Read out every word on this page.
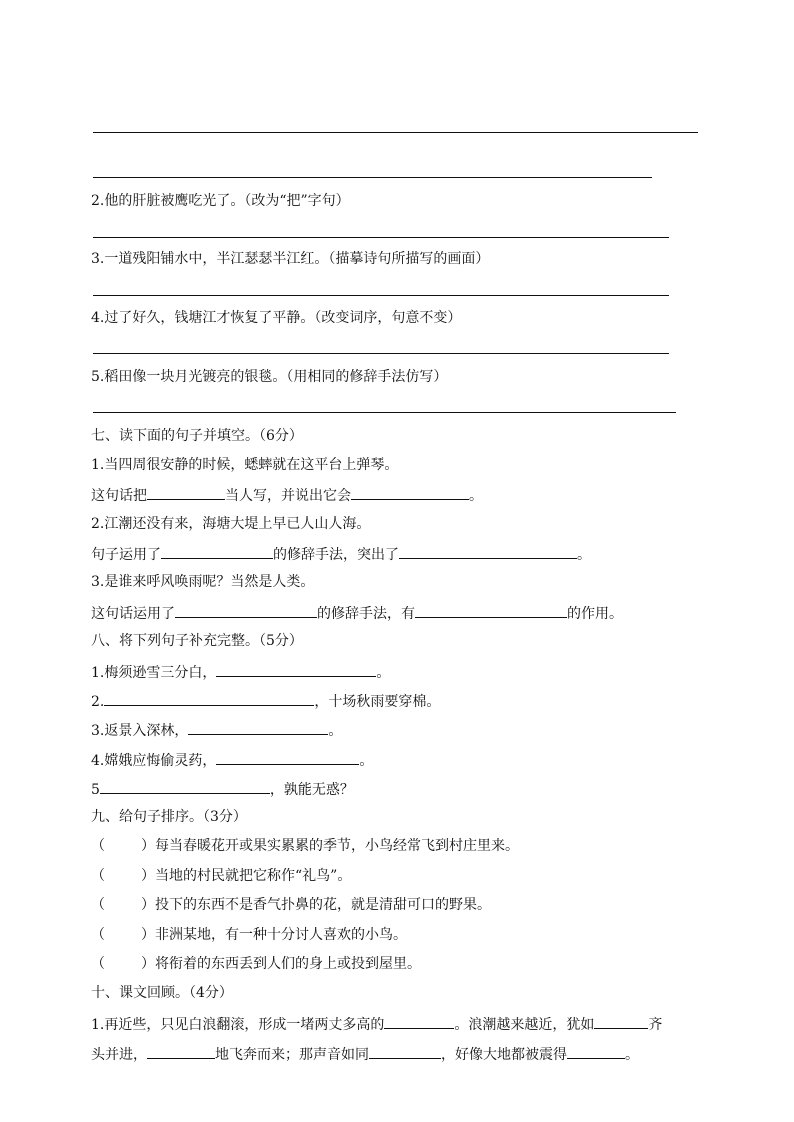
2.他的肝脏被鹰吃光了。（改为“把”字句）
3.一道残阳铺水中，半江瑟瑟半江红。（描摹诗句所描写的画面）
4.过了好久，钱塘江才恢复了平静。（改变词序，句意不变）
5.稻田像一块月光镀亮的银毯。（用相同的修辞手法仿写）
七、读下面的句子并填空。（6分）
1.当四周很安静的时候，蟋蟀就在这平台上弹琴。
这句话把	当人写，并说出它会	。
2.江潮还没有来，海塘大堤上早已人山人海。
句子运用了	的修辞手法，突出了	。
3.是谁来呼风唤雨呢？当然是人类。
这句话运用了	的修辞手法，有	的作用。
八、将下列句子补充完整。（5分）
1.梅须逊雪三分白，	。
2.	，十场秋雨要穿棉。
3.返景入深林，	。
4.嫦娥应悔偷灵药，	。
5	，孰能无惑？
九、给句子排序。（3分）
（	）每当春暖花开或果实累累的季节，小鸟经常飞到村庄里来。
（	）当地的村民就把它称作“礼鸟”。
（	）投下的东西不是香气扑鼻的花，就是清甜可口的野果。
（	）非洲某地，有一种十分讨人喜欢的小鸟。
（	）将衔着的东西丢到人们的身上或投到屋里。
十、课文回顾。（4分）
1.再近些，只见白浪翻滚，形成一堵两丈多高的	。浪潮越来越近，犹如	齐
头并进，	地飞奔而来；那声音如同	，好像大地都被震得	。
